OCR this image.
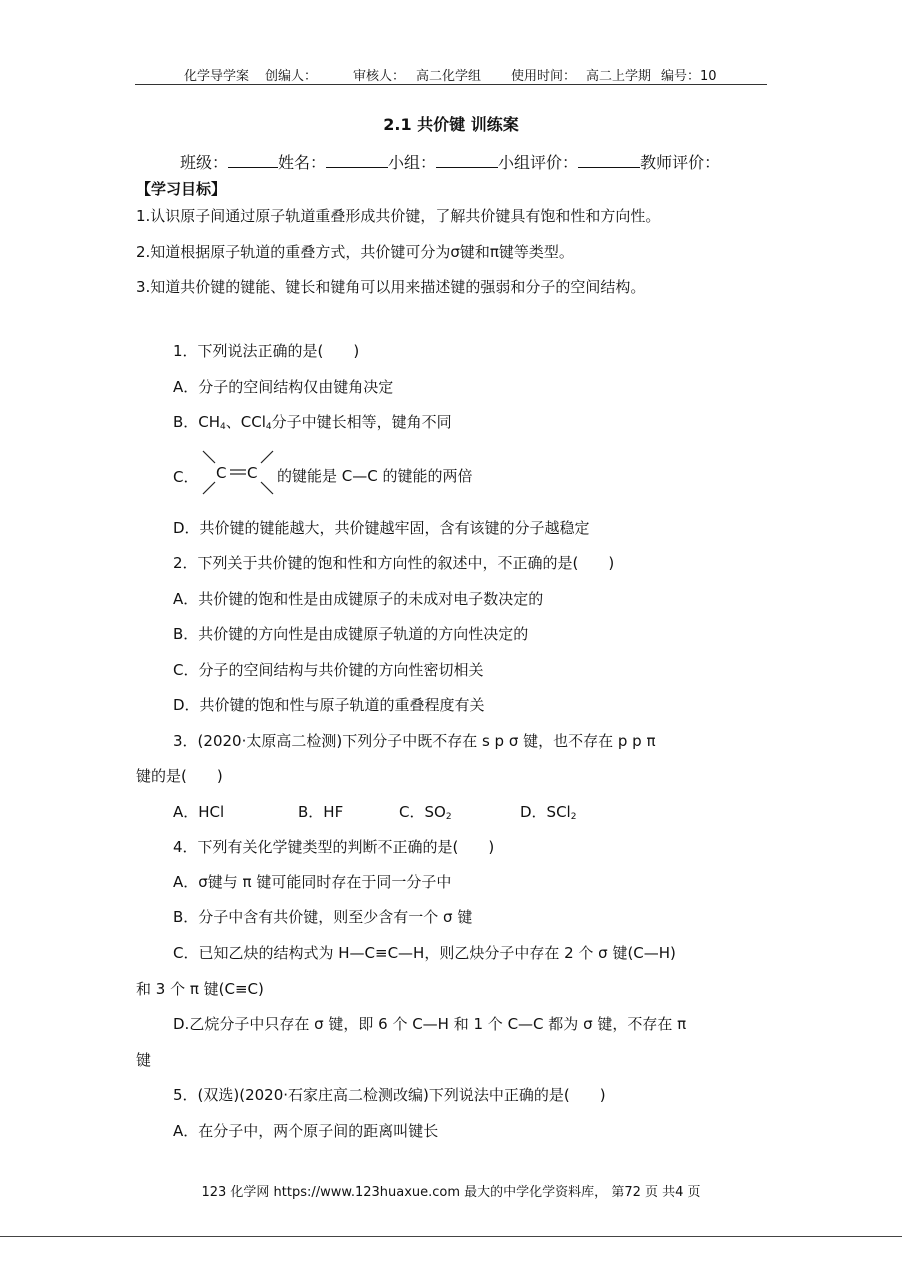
化学导学案 创编人：	审核人： 高二化学组 使用时间： 高二上学期 编号：10
2.1 共价键 训练案
班级：	姓名：	小组：	小组评价：	教师评价：
【学习目标】
1.认识原子间通过原子轨道重叠形成共价键，了解共价键具有饱和性和方向性。
2.知道根据原子轨道的重叠方式，共价键可分为σ键和π键等类型。
3.知道共价键的键能、键长和键角可以用来描述键的强弱和分子的空间结构。
1．下列说法正确的是(　　)
A．分子的空间结构仅由键角决定
B．$CH_4$、CCl$_4$分子中键长相等，键角不同
C． C C 的键能是 C—C 的键能的两倍
D．共价键的键能越大，共价键越牢固，含有该键的分子越稳定
2．下列关于共价键的饱和性和方向性的叙述中，不正确的是(　　)
A．共价键的饱和性是由成键原子的未成对电子数决定的
B．共价键的方向性是由成键原子轨道的方向性决定的
C．分子的空间结构与共价键的方向性密切相关
D．共价键的饱和性与原子轨道的重叠程度有关
3．(2020·太原高二检测)下列分子中既不存在 s p σ 键，也不存在 p p π
键的是(　　)
A．HCl	B．HF	C．$SO_2$	D．SCl$_2$
4．下列有关化学键类型的判断不正确的是(　　)
A．σ键与 π 键可能同时存在于同一分子中
B．分子中含有共价键，则至少含有一个 σ 键
C．已知乙炔的结构式为 H—C≡C—H，则乙炔分子中存在 2 个 σ 键(C—H)
和 3 个 π 键(C≡C)
D.乙烷分子中只存在 σ 键，即 6 个 C—H 和 1 个 C—C 都为 σ 键，不存在 π
键
5．(双选)(2020·石家庄高二检测改编)下列说法中正确的是(　　)
A．在分子中，两个原子间的距离叫键长
123 化学网 https://www.123huaxue.com 最大的中学化学资料库， 第72 页 共4 页
